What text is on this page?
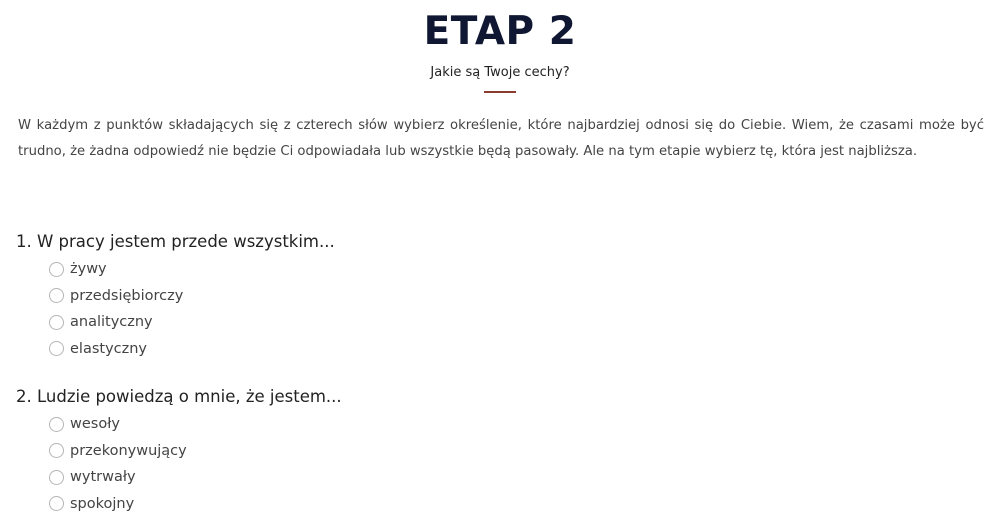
ETAP 2
Jakie są Twoje cechy?

W każdym z punktów składających się z czterech słów wybierz określenie, które najbardziej odnosi się do Ciebie. Wiem, że czasami może być trudno, że żadna odpowiedź nie będzie Ci odpowiadała lub wszystkie będą pasowały. Ale na tym etapie wybierz tę, która jest najbliższa.

1. W pracy jestem przede wszystkim...
żywy
przedsiębiorczy
analityczny
elastyczny
2. Ludzie powiedzą o mnie, że jestem...
wesoły
przekonywujący
wytrwały
spokojny
